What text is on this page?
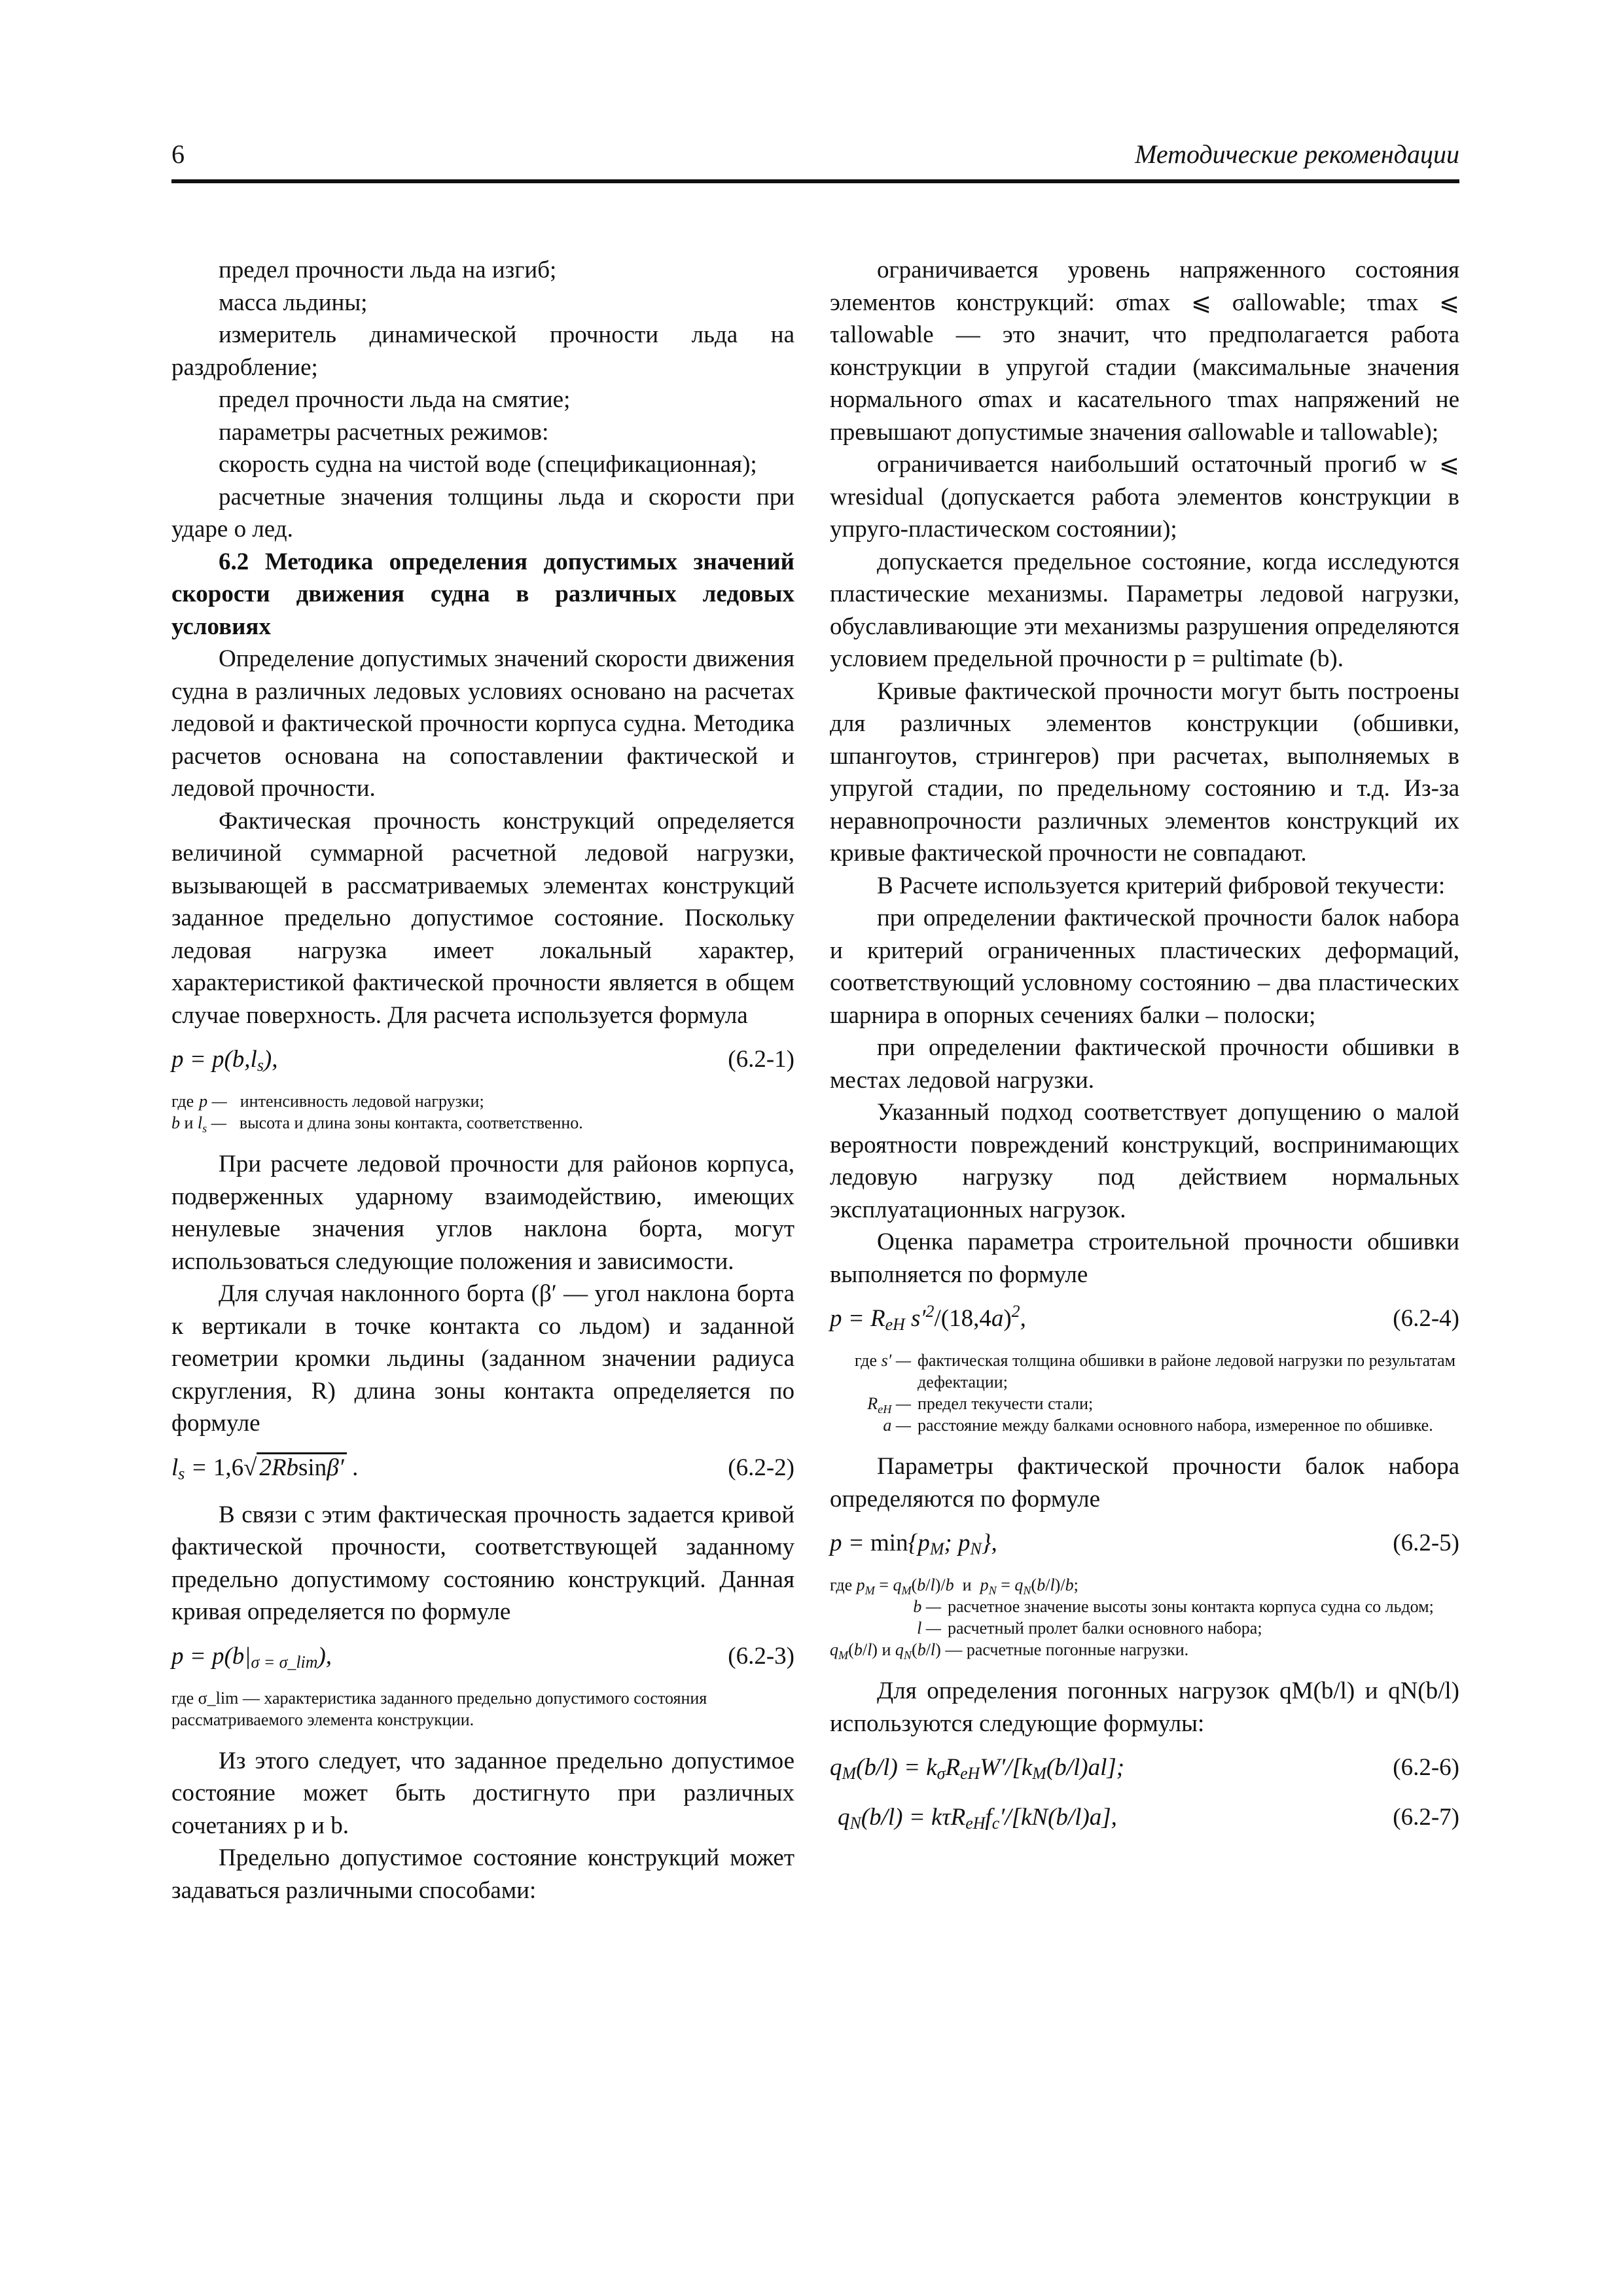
6	Методические рекомендации

предел прочности льда на изгиб;

масса льдины;

измеритель динамической прочности льда на раздробление;

предел прочности льда на смятие;

параметры расчетных режимов:

скорость судна на чистой воде (спецификационная);

расчетные значения толщины льда и скорости при ударе о лед.

6.2 Методика определения допустимых значений скорости движения судна в различных ледовых условиях

Определение допустимых значений скорости движения судна в различных ледовых условиях основано на расчетах ледовой и фактической прочности корпуса судна. Методика расчетов основана на сопоставлении фактической и ледовой прочности.

Фактическая прочность конструкций определяется величиной суммарной расчетной ледовой нагрузки, вызывающей в рассматриваемых элементах конструкций заданное предельно допустимое состояние. Поскольку ледовая нагрузка имеет локальный характер, характеристикой фактической прочности является в общем случае поверхность. Для расчета используется формула

$p = p(b,l_s)$,	(6.2-1)
где p — интенсивность ледовой нагрузки;
b и $l_s$ — высота и длина зоны контакта, соответственно.

При расчете ледовой прочности для районов корпуса, подверженных ударному взаимодействию, имеющих ненулевые значения углов наклона борта, могут использоваться следующие положения и зависимости.

Для случая наклонного борта (β′ — угол наклона борта к вертикали в точке контакта со льдом) и заданной геометрии кромки льдины (заданном значении радиуса скругления, R) длина зоны контакта определяется по формуле

$l_s = 1,6√$ 2Rbsinβ′ .	(6.2-2)

В связи с этим фактическая прочность задается кривой фактической прочности, соответствующей заданному предельно допустимому состоянию конструкций. Данная кривая определяется по формуле

$p = p(b|_{\sigma = \sigma\_lim})$,	(6.2-3)
где σ_lim — характеристика заданного предельно допустимого состояния рассматриваемого элемента конструкции.

Из этого следует, что заданное предельно допустимое состояние может быть достигнуто при различных сочетаниях p и b.

Предельно допустимое состояние конструкций может задаваться различными способами:

ограничивается уровень напряженного состояния элементов конструкций: σmax ⩽ σallowable; τmax ⩽ τallowable — это значит, что предполагается работа конструкции в упругой стадии (максимальные значения нормального σmax и касательного τmax напряжений не превышают допустимые значения σallowable и τallowable);

ограничивается наибольший остаточный прогиб w ⩽ wresidual (допускается работа элементов конструкции в упруго-пластическом состоянии);

допускается предельное состояние, когда исследуются пластические механизмы. Параметры ледовой нагрузки, обуславливающие эти механизмы разрушения определяются условием предельной прочности p = pultimate (b).

Кривые фактической прочности могут быть построены для различных элементов конструкции (обшивки, шпангоутов, стрингеров) при расчетах, выполняемых в упругой стадии, по предельному состоянию и т.д. Из-за неравнопрочности различных элементов конструкций их кривые фактической прочности не совпадают.

В Расчете используется критерий фибровой текучести:

при определении фактической прочности балок набора и критерий ограниченных пластических деформаций, соответствующий условному состоянию – два пластических шарнира в опорных сечениях балки – полоски;

при определении фактической прочности обшивки в местах ледовой нагрузки.

Указанный подход соответствует допущению о малой вероятности повреждений конструкций, воспринимающих ледовую нагрузку под действием нормальных эксплуатационных нагрузок.

Оценка параметра строительной прочности обшивки выполняется по формуле

$p = R_{eH}$ $s'^2/(18,4a)^2$,	(6.2-4)
где s′ — фактическая толщина обшивки в районе ледовой нагрузки по результатам дефектации;
$R_{eH}$ — предел текучести стали;
a — расстояние между балками основного набора, измеренное по обшивке.

Параметры фактической прочности балок набора определяются по формуле

$p = \min\{p_M$; $p_N$},	(6.2-5)
где $p_M = q_M(b/l)/b$  и  $p_N = q_N(b/l)/b$;
b — расчетное значение высоты зоны контакта корпуса судна со льдом;
l — расчетный пролет балки основного набора;
$q_M(b/l)$ и $q_N(b/l)$ — расчетные погонные нагрузки.

Для определения погонных нагрузок qM(b/l) и qN(b/l) используются следующие формулы:

$q_M(b/l) = k_\sigma R_{eH}W'/[k_M(b/l)al]$;	(6.2-6)
$q_N(b/l) = k\tau R_{eH}f_c'/[kN(b/l)a]$,	(6.2-7)
